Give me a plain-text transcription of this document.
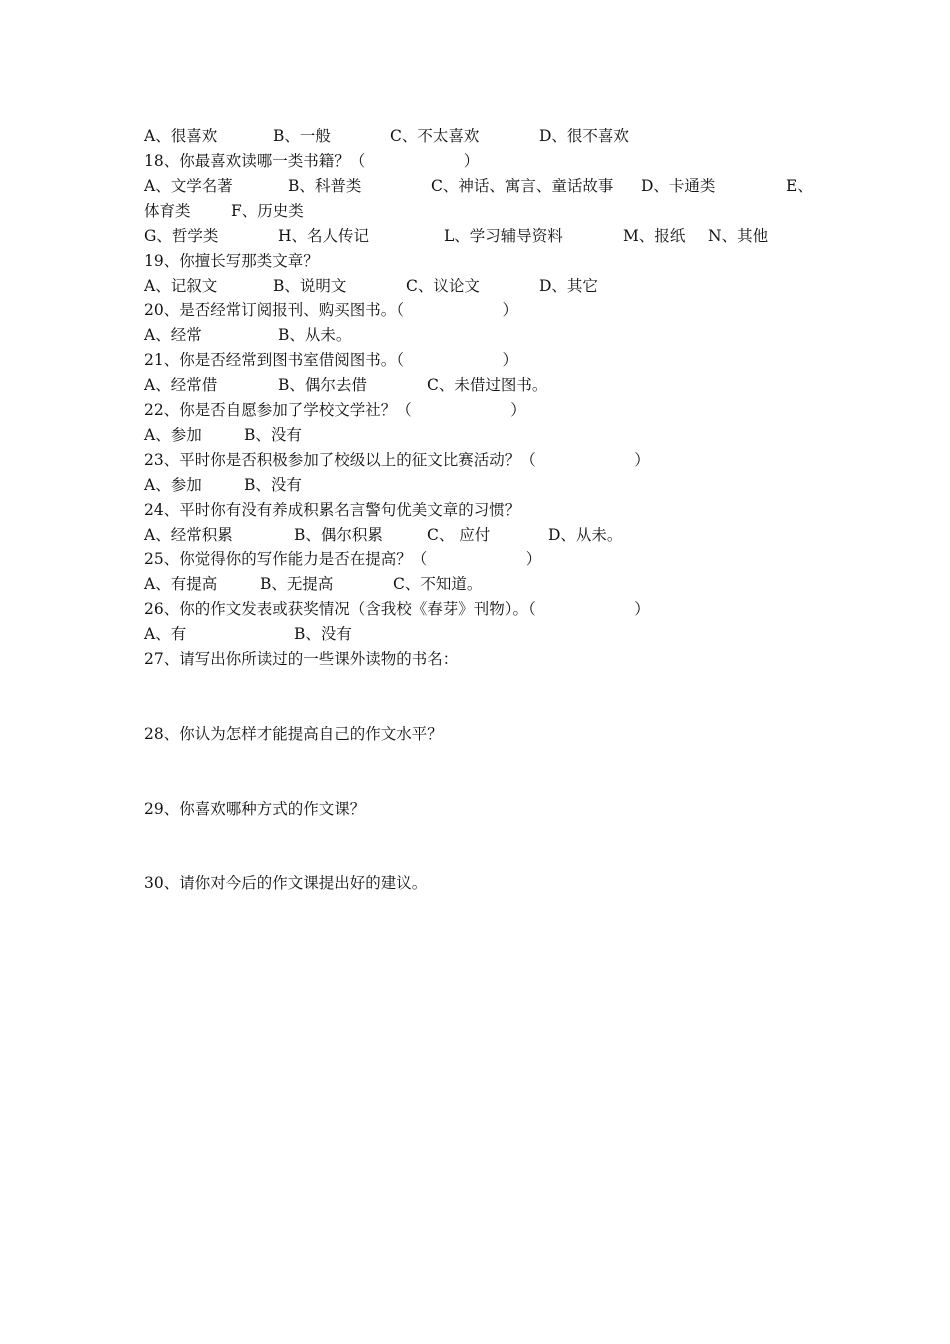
A、很喜欢

	B、一般

	C、不太喜欢

	D、很不喜欢

18、你最喜欢读哪一类书籍？（                    ）

A、文学名著

	B、科普类

	C、神话、寓言、童话故事

D、卡通类

	E、

体育类

	F、历史类

G、哲学类

	H、名人传记

	L、学习辅导资料

	M、报纸

N、其他

19、你擅长写那类文章？

A、记叙文

	B、说明文

	C、议论文

	D、其它

20、是否经常订阅报刊、购买图书。（                    ）

A、经常

	B、从未。

21、你是否经常到图书室借阅图书。（                    ）

A、经常借

	B、偶尔去借

	C、未借过图书。

22、你是否自愿参加了学校文学社？（                    ）

A、参加

	B、没有

23、平时你是否积极参加了校级以上的征文比赛活动？（                    ）

A、参加

	B、没有

24、平时你有没有养成积累名言警句优美文章的习惯？

A、经常积累

	B、偶尔积累

	C、 应付

	D、从未。

25、你觉得你的写作能力是否在提高？（                    ）

A、有提高

	B、无提高

	C、不知道。

26、你的作文发表或获奖情况（含我校《春芽》刊物）。（                    ）

A、有

	B、没有

27、请写出你所读过的一些课外读物的书名：

28、你认为怎样才能提高自己的作文水平？

29、你喜欢哪种方式的作文课？

30、请你对今后的作文课提出好的建议。
